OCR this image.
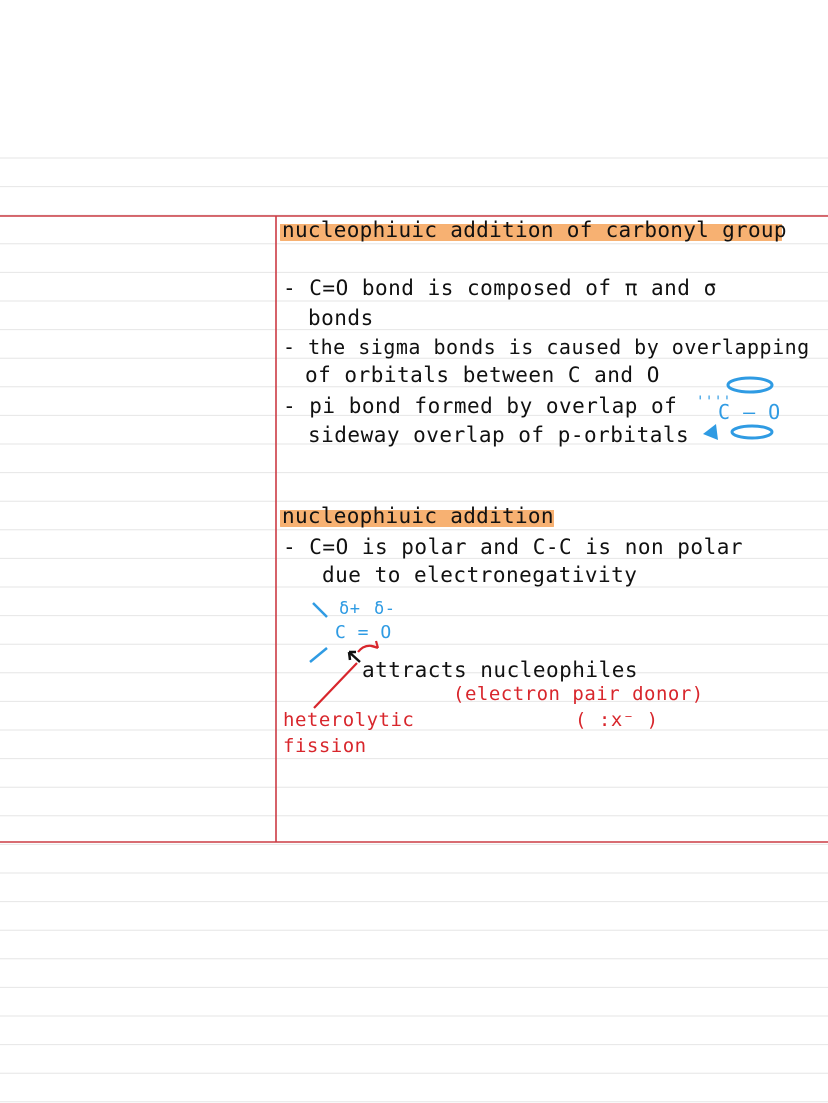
nucleophiuic addition of carbonyl group
- C=O bond is composed of π and σ
bonds
- the sigma bonds is caused by overlapping
of orbitals between C and O
- pi bond formed by overlap of
sideway overlap of p-orbitals
''''
C — O
nucleophiuic addition
- C=O is polar and C-C is non polar
due to electronegativity
δ+ δ-
C = O
attracts nucleophiles
(electron pair donor)
( :x⁻ )
heterolytic
fission
